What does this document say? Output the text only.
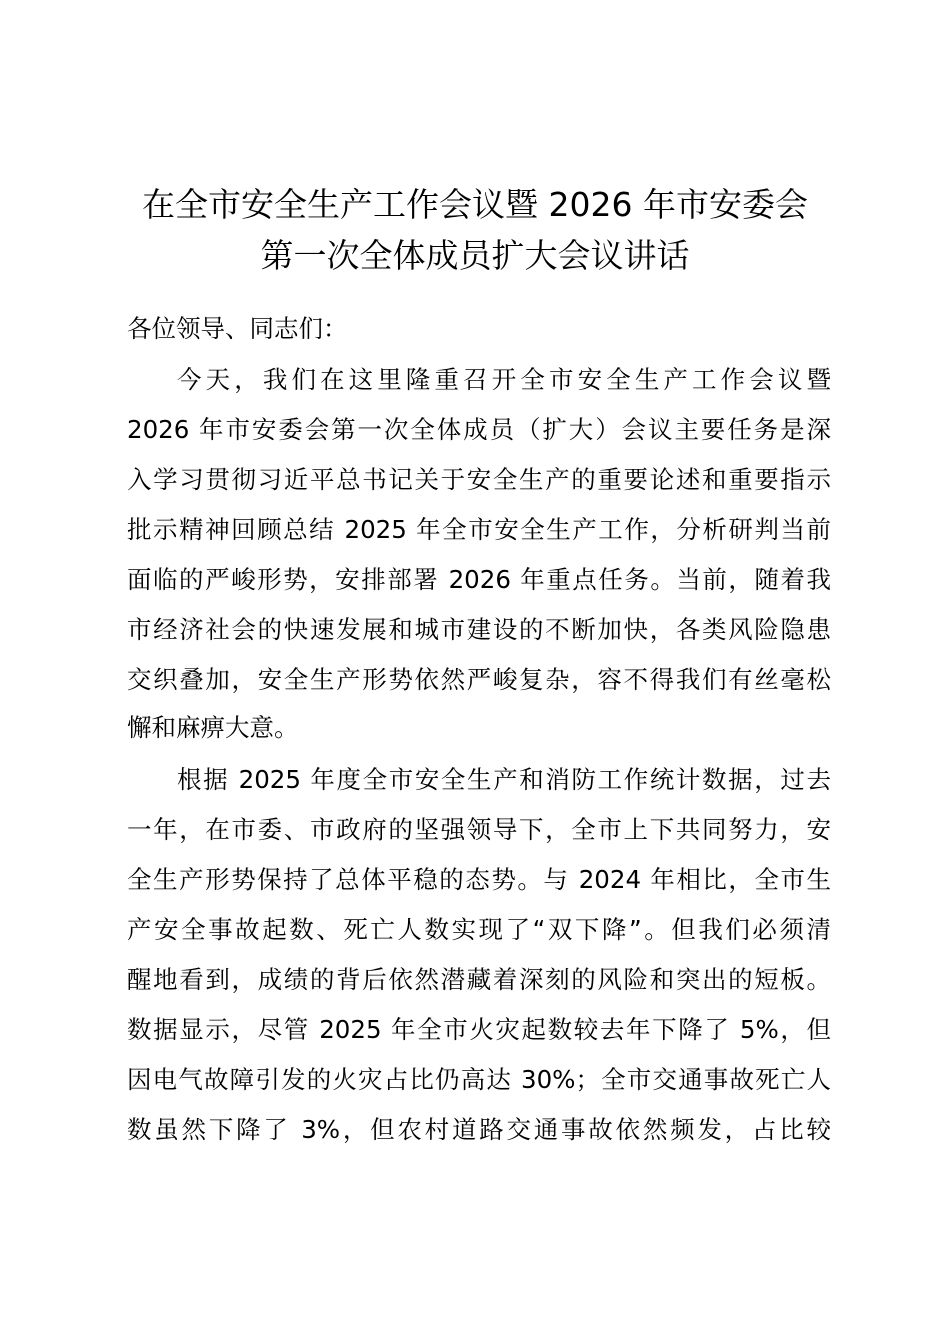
在全市安全生产工作会议暨 2026 年市安委会
第一次全体成员扩大会议讲话
各位领导、同志们：
今天，我们在这里隆重召开全市安全生产工作会议暨
2026 年市安委会第一次全体成员（扩大）会议主要任务是深
入学习贯彻习近平总书记关于安全生产的重要论述和重要指示
批示精神回顾总结 2025 年全市安全生产工作，分析研判当前
面临的严峻形势，安排部署 2026 年重点任务。当前，随着我
市经济社会的快速发展和城市建设的不断加快，各类风险隐患
交织叠加，安全生产形势依然严峻复杂，容不得我们有丝毫松
懈和麻痹大意。
根据 2025 年度全市安全生产和消防工作统计数据，过去
一年，在市委、市政府的坚强领导下，全市上下共同努力，安
全生产形势保持了总体平稳的态势。与 2024 年相比，全市生
产安全事故起数、死亡人数实现了“双下降”。但我们必须清
醒地看到，成绩的背后依然潜藏着深刻的风险和突出的短板。
数据显示，尽管 2025 年全市火灾起数较去年下降了 5%，但
因电气故障引发的火灾占比仍高达 30%；全市交通事故死亡人
数虽然下降了 3%，但农村道路交通事故依然频发，占比较
